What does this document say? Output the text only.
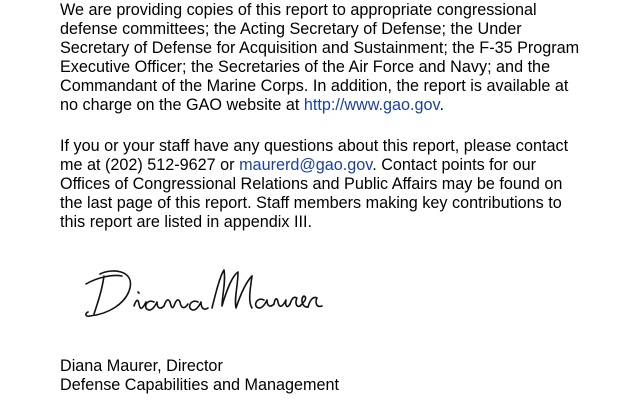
We are providing copies of this report to appropriate congressional
defense committees; the Acting Secretary of Defense; the Under
Secretary of Defense for Acquisition and Sustainment; the F-35 Program
Executive Officer; the Secretaries of the Air Force and Navy; and the
Commandant of the Marine Corps. In addition, the report is available at
no charge on the GAO website at http://www.gao.gov.

If you or your staff have any questions about this report, please contact
me at (202) 512-9627 or maurerd@gao.gov. Contact points for our
Offices of Congressional Relations and Public Affairs may be found on
the last page of this report. Staff members making key contributions to
this report are listed in appendix III.

Diana Maurer, Director
Defense Capabilities and Management
